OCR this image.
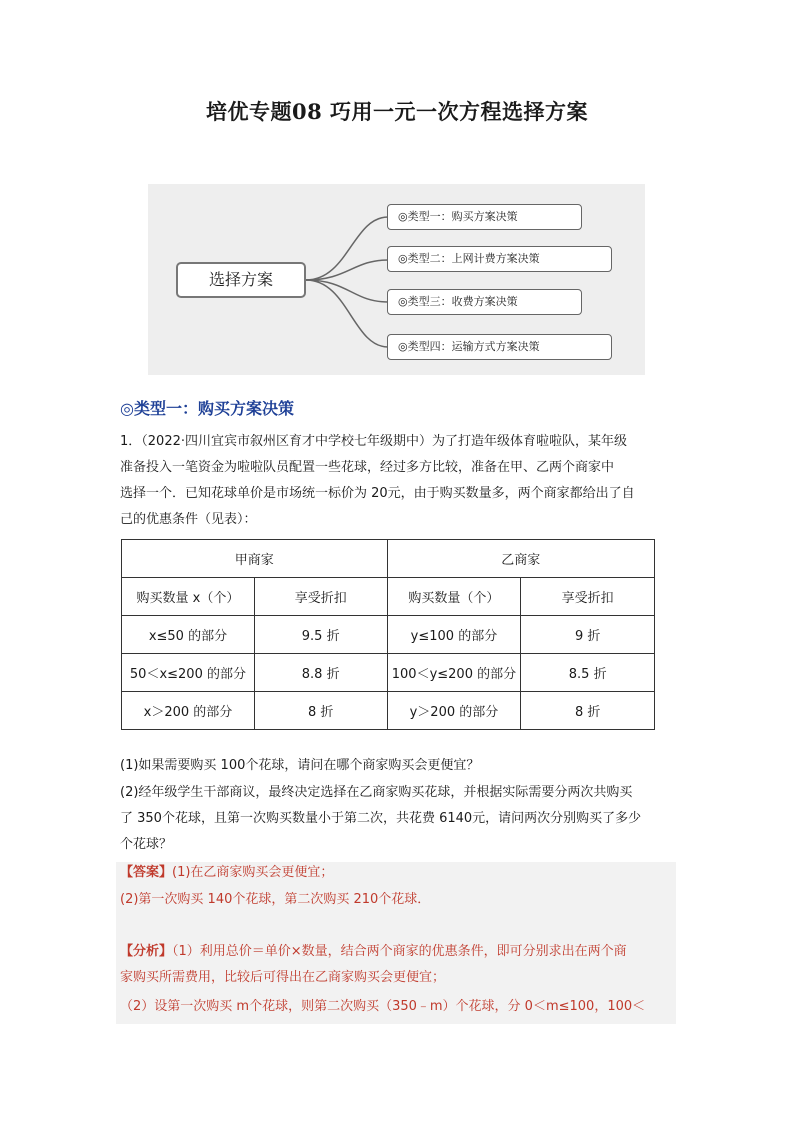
培优专题08 巧用一元一次方程选择方案
选择方案
◎类型一：购买方案决策
◎类型二：上网计费方案决策
◎类型三：收费方案决策
◎类型四：运输方式方案决策
◎类型一：购买方案决策
1．（2022·四川宜宾市叙州区育才中学校七年级期中）为了打造年级体育啦啦队，某年级
准备投入一笔资金为啦啦队员配置一些花球，经过多方比较，准备在甲、乙两个商家中
选择一个．已知花球单价是市场统一标价为 20元，由于购买数量多，两个商家都给出了自
己的优惠条件（见表）：
甲商家		乙商家	
购买数量 x（个）	享受折扣	购买数量（个）	享受折扣
x≤50 的部分	9.5 折	y≤100 的部分	9 折
50＜x≤200 的部分	8.8 折	100＜y≤200 的部分	8.5 折
x＞200 的部分	8 折	y＞200 的部分	8 折
(1)如果需要购买 100个花球，请问在哪个商家购买会更便宜？
(2)经年级学生干部商议，最终决定选择在乙商家购买花球，并根据实际需要分两次共购买
了 350个花球，且第一次购买数量小于第二次，共花费 6140元，请问两次分别购买了多少
个花球？
【答案】(1)在乙商家购买会更便宜；
(2)第一次购买 140个花球，第二次购买 210个花球．
【分析】（1）利用总价＝单价×数量，结合两个商家的优惠条件，即可分别求出在两个商
家购买所需费用，比较后可得出在乙商家购买会更便宜；
（2）设第一次购买 m个花球，则第二次购买（350﹣m）个花球，分 0＜m≤100，100＜
